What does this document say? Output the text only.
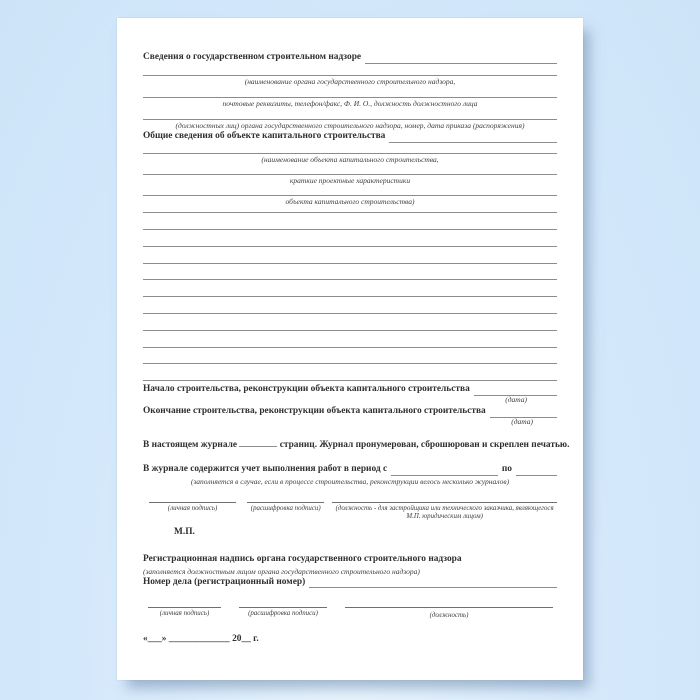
Сведения о государственном строительном надзоре
(наименование органа государственного строительного надзора,
почтовые реквизиты, телефон/факс, Ф. И. О., должность должностного лица
(должностных лиц) органа государственного строительного надзора, номер, дата приказа (распоряжения)
Общие сведения об объекте капитального строительства
(наименование объекта капитального строительства,
краткие проектные характеристики
объекта капитального строительства)
Начало строительства, реконструкции объекта капитального строительства
(дата)
Окончание строительства, реконструкции объекта капитального строительства
(дата)
В настоящем журнале	страниц. Журнал пронумерован, сброшюрован и скреплен печатью.
В журнале содержится учет выполнения работ в период с	по
(заполняется в случае, если в процессе строительства, реконструкции велось несколько журналов)
(личная подпись)	(расшифровка подписи)	(должность - для застройщика или технического заказчика, являющегося М.П. юридическим лицом)
М.П.
Регистрационная надпись органа государственного строительного надзора
(заполняется должностным лицом органа государственного строительного надзора)
Номер дела (регистрационный номер)
(личная подпись)	(расшифровка подписи)	(должность)
«___» _____________ 20__ г.
